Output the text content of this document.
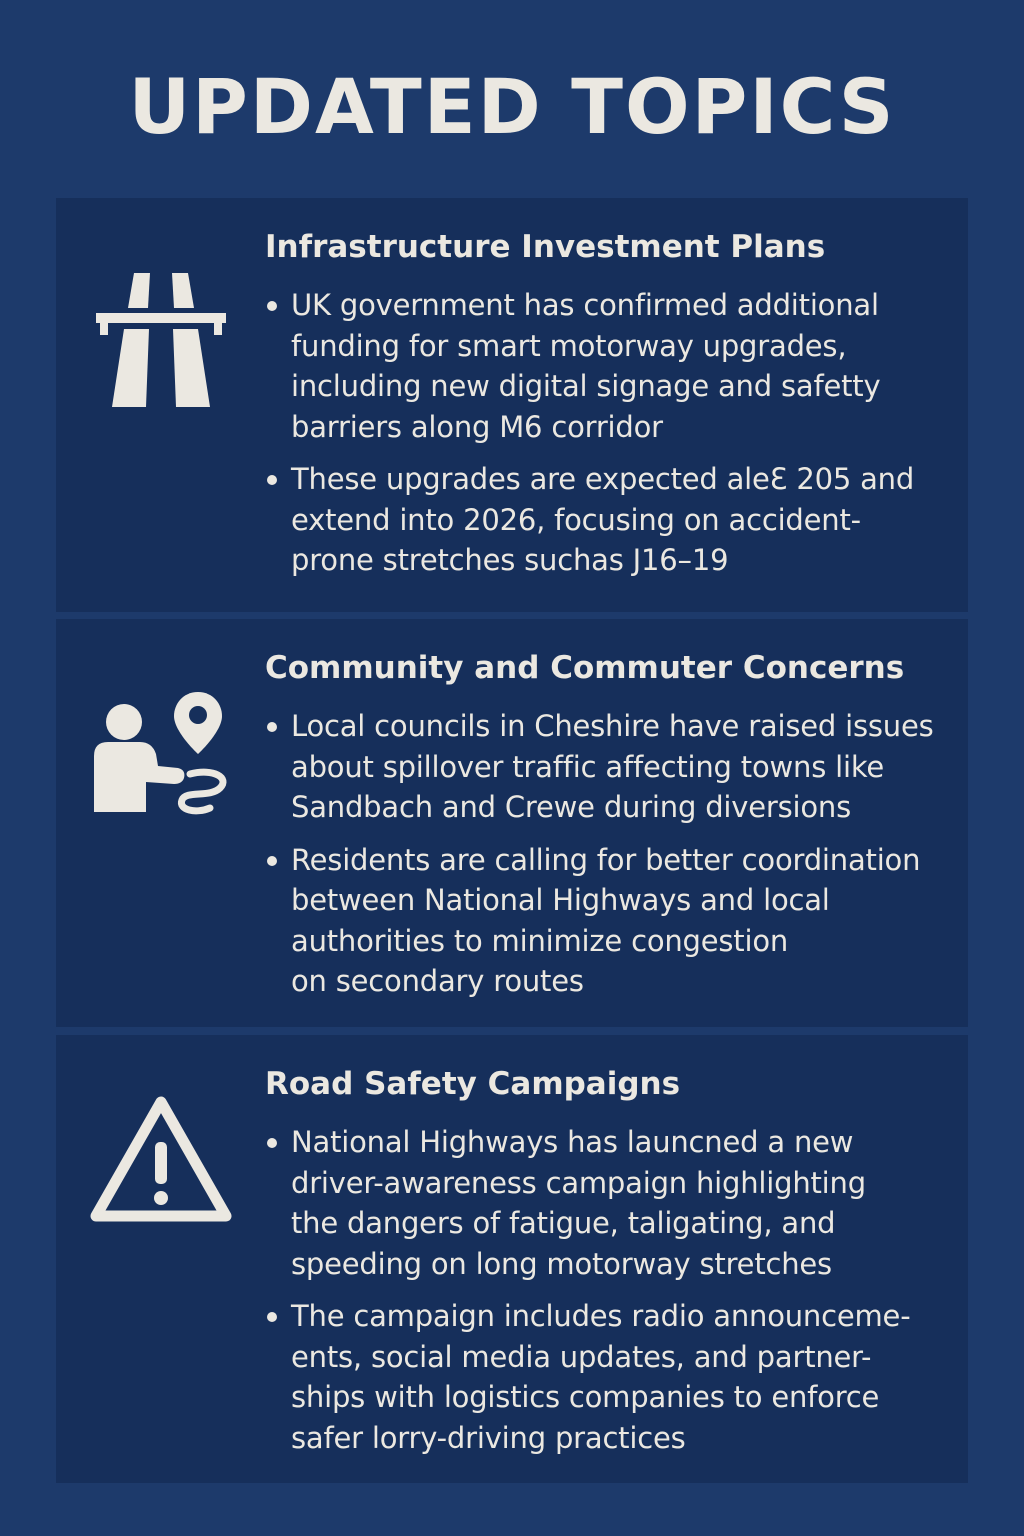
UPDATED TOPICS
Infrastructure Investment Plans
UK government has confirmed additional
funding for smart motorway upgrades,
including new digital signage and safetty
barriers along M6 corridor
These upgrades are expected aleƐ 205 and
extend into 2026, focusing on accident-
prone stretches suchas J16–19
Community and Commuter Concerns
Local councils in Cheshire have raised issues
about spillover traffic affecting towns like
Sandbach and Crewe during diversions
Residents are calling for better coordination
between National Highways and local
authorities to minimize congestion
on secondary routes
Road Safety Campaigns
National Highways has launcned a new
driver-awareness campaign highlighting
the dangers of fatigue, taligating, and
speeding on long motorway stretches
The campaign includes radio announceme-
ents, social media updates, and partner-
ships with logistics companies to enforce
safer lorry-driving practices
